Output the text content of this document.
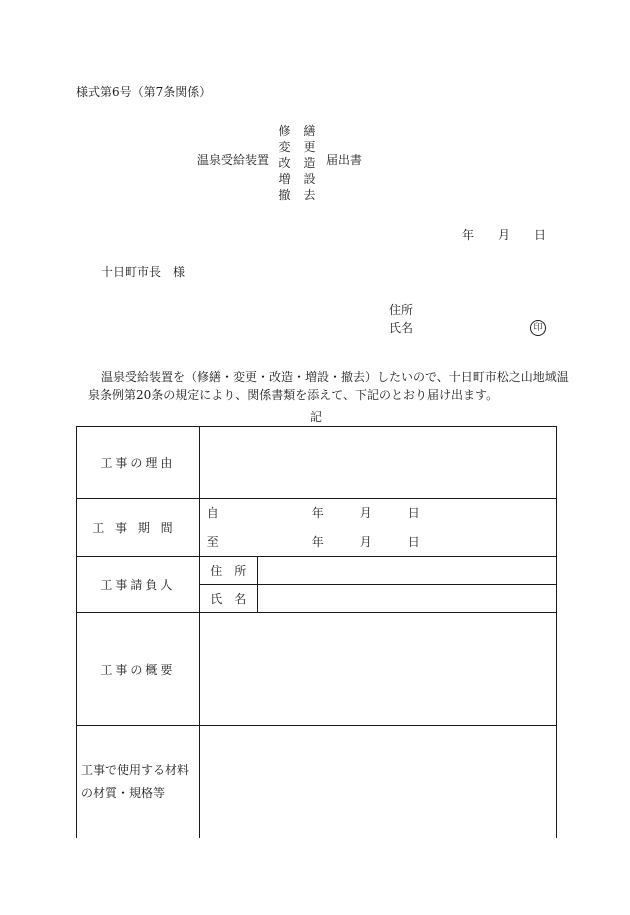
様式第6号（第7条関係）
温泉受給装置
修 繕
変 更
改 造
増 設
撤 去
届出書
年 月 日
十日町市長　様
住所
氏名	印
温泉受給装置を（修繕・変更・改造・増設・撤去）したいので、十日町市松之山地域温
泉条例第20条の規定により、関係書類を添えて、下記のとおり届け出ます。
記
工事の理由		
工事期間	自 年 月 日	

	至 年 月 日	

工事請負人	住　所	
	氏　名	
工事の概要		

工事で使用する材料
の材質・規格等		
